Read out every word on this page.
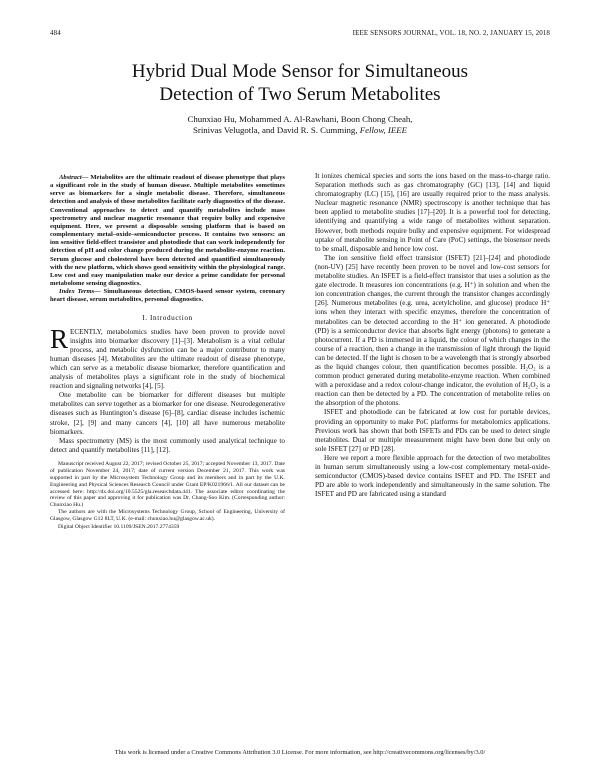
484	IEEE SENSORS JOURNAL, VOL. 18, NO. 2, JANUARY 15, 2018
Hybrid Dual Mode Sensor for Simultaneous
Detection of Two Serum Metabolites
Chunxiao Hu, Mohammed A. Al-Rawhani, Boon Chong Cheah,
Srinivas Velugotla, and David R. S. Cumming, Fellow, IEEE

Abstract— Metabolites are the ultimate readout of disease phenotype that plays a significant role in the study of human disease. Multiple metabolites sometimes serve as biomarkers for a single metabolic disease. Therefore, simultaneous detection and analysis of those metabolites facilitate early diagnostics of the disease. Conventional approaches to detect and quantify metabolites include mass spectrometry and nuclear magnetic resonance that require bulky and expensive equipment. Here, we present a disposable sensing platform that is based on complementary metal–oxide–semiconductor process. It contains two sensors: an ion sensitive field-effect transistor and photodiode that can work independently for detection of pH and color change produced during the metabolite-enzyme reaction. Serum glucose and cholesterol have been detected and quantified simultaneously with the new platform, which shows good sensitivity within the physiological range. Low cost and easy manipulation make our device a prime candidate for personal metabolome sensing diagnostics.

Index Terms— Simultaneous detection, CMOS-based sensor system, coronary heart disease, serum metabolites, personal diagnostics.

I. Introduction

RECENTLY, metabolomics studies have been proven to provide novel insights into biomarker discovery [1]–[3]. Metabolism is a vital cellular process, and metabolic dysfunction can be a major contributor to many human diseases [4]. Metabolites are the ultimate readout of disease phenotype, which can serve as a metabolic disease biomarker, therefore quantification and analysis of metabolites plays a significant role in the study of biochemical reaction and signaling networks [4], [5].

One metabolite can be biomarker for different diseases but multiple metabolites can serve together as a biomarker for one disease. Neurodegenerative diseases such as Huntington’s disease [6]–[8], cardiac disease includes ischemic stroke, [2], [9] and many cancers [4], [10] all have numerous metabolite biomarkers.

Mass spectrometry (MS) is the most commonly used analytical technique to detect and quantify metabolites [11], [12].

Manuscript received August 22, 2017; revised October 25, 2017; accepted November 13, 2017. Date of publication November 24, 2017; date of current version December 21, 2017. This work was supported in part by the Microsystem Technology Group and its members and in part by the U.K. Engineering and Physical Sciences Research Council under Grant EP/K021966/1. All our dataset can be accessed here: http://dx.doi.org/10.5525/gla.researchdata.441. The associate editor coordinating the review of this paper and approving it for publication was Dr. Chang-Soo Kim. (Corresponding author: Chunxiao Hu.)

The authors are with the Microsystems Technology Group, School of Engineering, University of Glasgow, Glasgow G12 8LT, U.K. (e-mail: chunxiao.hu@glasgow.ac.uk).

Digital Object Identifier 10.1109/JSEN.2017.2774359

It ionizes chemical species and sorts the ions based on the mass-to-charge ratio. Separation methods such as gas chromatography (GC) [13], [14] and liquid chromatography (LC) [15], [16] are usually required prior to the mass analysis. Nuclear magnetic resonance (NMR) spectroscopy is another technique that has been applied to metabolite studies [17]–[20]. It is a powerful tool for detecting, identifying and quantifying a wide range of metabolites without separation. However, both methods require bulky and expensive equipment. For widespread uptake of metabolite sensing in Point of Care (PoC) settings, the biosensor needs to be small, disposable and hence low cost.

The ion sensitive field effect transistor (ISFET) [21]–[24] and photodiode (non-UV) [25] have recently been proven to be novel and low-cost sensors for metabolite studies. An ISFET is a field-effect transistor that uses a solution as the gate electrode. It measures ion concentrations (e.g. H⁺) in solution and when the ion concentration changes, the current through the transistor changes accordingly [26]. Numerous metabolites (e.g. urea, acetylcholine, and glucose) produce H⁺ ions when they interact with specific enzymes, therefore the concentration of metabolites can be detected according to the H⁺ ion generated. A photodiode (PD) is a semiconductor device that absorbs light energy (photons) to generate a photocurrent. If a PD is immersed in a liquid, the colour of which changes in the course of a reaction, then a change in the transmission of light through the liquid can be detected. If the light is chosen to be a wavelength that is strongly absorbed as the liquid changes colour, then quantification becomes possible. H₂O₂ is a common product generated during metabolite-enzyme reaction. When combined with a peroxidase and a redox colour-change indicator, the evolution of H₂O₂ is a reaction can then be detected by a PD. The concentration of metabolite relies on the absorption of the photons.

ISFET and photodiode can be fabricated at low cost for portable devices, providing an opportunity to make PoC platforms for metabolomics applications. Previous work has shown that both ISFETs and PDs can be used to detect single metabolites. Dual or multiple measurement might have been done but only on sole ISFET [27] or PD [28].

Here we report a more flexible approach for the detection of two metabolites in human serum simultaneously using a low-cost complementary metal-oxide-semiconductor (CMOS)-based device contains ISFET and PD. The ISFET and PD are able to work independently and simultaneously in the same solution. The ISFET and PD are fabricated using a standard

This work is licensed under a Creative Commons Attribution 3.0 License. For more information, see http://creativecommons.org/licenses/by/3.0/
